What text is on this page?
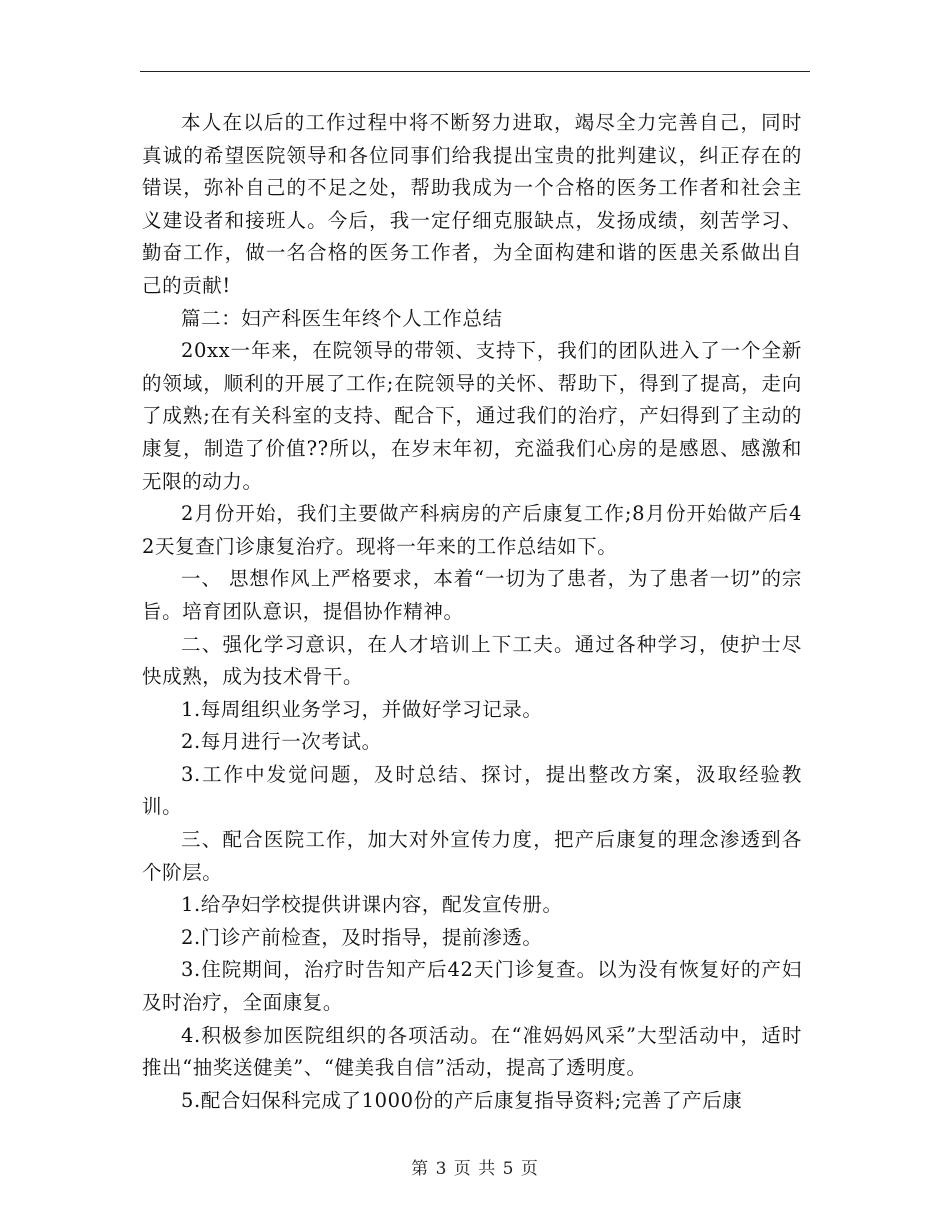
本人在以后的工作过程中将不断努力进取，竭尽全力完善自己，同时真诚的希望医院领导和各位同事们给我提出宝贵的批判建议，纠正存在的错误，弥补自己的不足之处，帮助我成为一个合格的医务工作者和社会主义建设者和接班人。今后，我一定仔细克服缺点，发扬成绩，刻苦学习、勤奋工作，做一名合格的医务工作者，为全面构建和谐的医患关系做出自己的贡献!

篇二：妇产科医生年终个人工作总结

20xx一年来，在院领导的带领、支持下，我们的团队进入了一个全新的领域，顺利的开展了工作;在院领导的关怀、帮助下，得到了提高，走向了成熟;在有关科室的支持、配合下，通过我们的治疗，产妇得到了主动的康复，制造了价值??所以，在岁末年初，充溢我们心房的是感恩、感激和无限的动力。

2月份开始，我们主要做产科病房的产后康复工作;8月份开始做产后42天复查门诊康复治疗。现将一年来的工作总结如下。

一、 思想作风上严格要求，本着“一切为了患者，为了患者一切”的宗旨。培育团队意识，提倡协作精神。

二、强化学习意识，在人才培训上下工夫。通过各种学习，使护士尽快成熟，成为技术骨干。

1.每周组织业务学习，并做好学习记录。

2.每月进行一次考试。

3.工作中发觉问题，及时总结、探讨，提出整改方案，汲取经验教训。

三、配合医院工作，加大对外宣传力度，把产后康复的理念渗透到各个阶层。

1.给孕妇学校提供讲课内容，配发宣传册。

2.门诊产前检查，及时指导，提前渗透。

3.住院期间，治疗时告知产后42天门诊复查。以为没有恢复好的产妇及时治疗，全面康复。

4.积极参加医院组织的各项活动。在“准妈妈风采”大型活动中，适时推出“抽奖送健美”、“健美我自信”活动，提高了透明度。

5.配合妇保科完成了1000份的产后康复指导资料;完善了产后康

第 3 页 共 5 页
